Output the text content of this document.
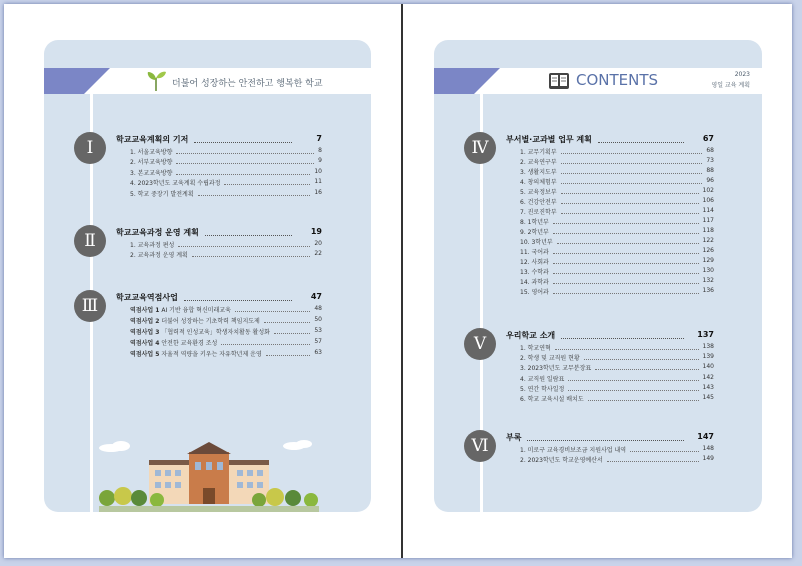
더불어 성장하는 안전하고 행복한 학교
Ⅰ	학교교육계획의 기저	7
1. 서울교육방향	8
2. 서부교육방향	9
3. 본교교육방향	10
4. 2023학년도 교육계획 수립과정	11
5. 학교 중장기 발전계획	16
Ⅱ	학교교육과정 운영 계획	19
1. 교육과정 편성	20
2. 교육과정 운영 계획	22
Ⅲ	학교교육역점사업	47
역점사업 1 AI 기반 융합 혁신미래교육	48
역점사업 2 더불어 성장하는 기초학력 책임지도제	50
역점사업 3 「협력적 인성교육」학생자치활동 활성화	53
역점사업 4 안전한 교육환경 조성	57
역점사업 5 자율적 역량을 키우는 자유학년제 운영	63
CONTENTS	2023
영일 교육 계획
Ⅳ	부서별·교과별 업무 계획	67
1. 교무기획부	68
2. 교육연구부	73
3. 생활지도부	88
4. 창의체험부	96
5. 교육정보부	102
6. 건강안전부	106
7. 진로진학부	114
8. 1학년부	117
9. 2학년부	118
10. 3학년부	122
11. 국어과	126
12. 사회과	129
13. 수학과	130
14. 과학과	132
15. 영어과	136
Ⅴ	우리학교 소개	137
1. 학교연혁	138
2. 학생 및 교직원 현황	139
3. 2023학년도 교무분장표	140
4. 교직원 일람표	142
5. 연간 학사일정	143
6. 학교 교육시설 배치도	145
Ⅵ	부록	147
1. 미로구 교육경비보조금 지원사업 내역	148
2. 2023학년도 학교운영예산서	149
